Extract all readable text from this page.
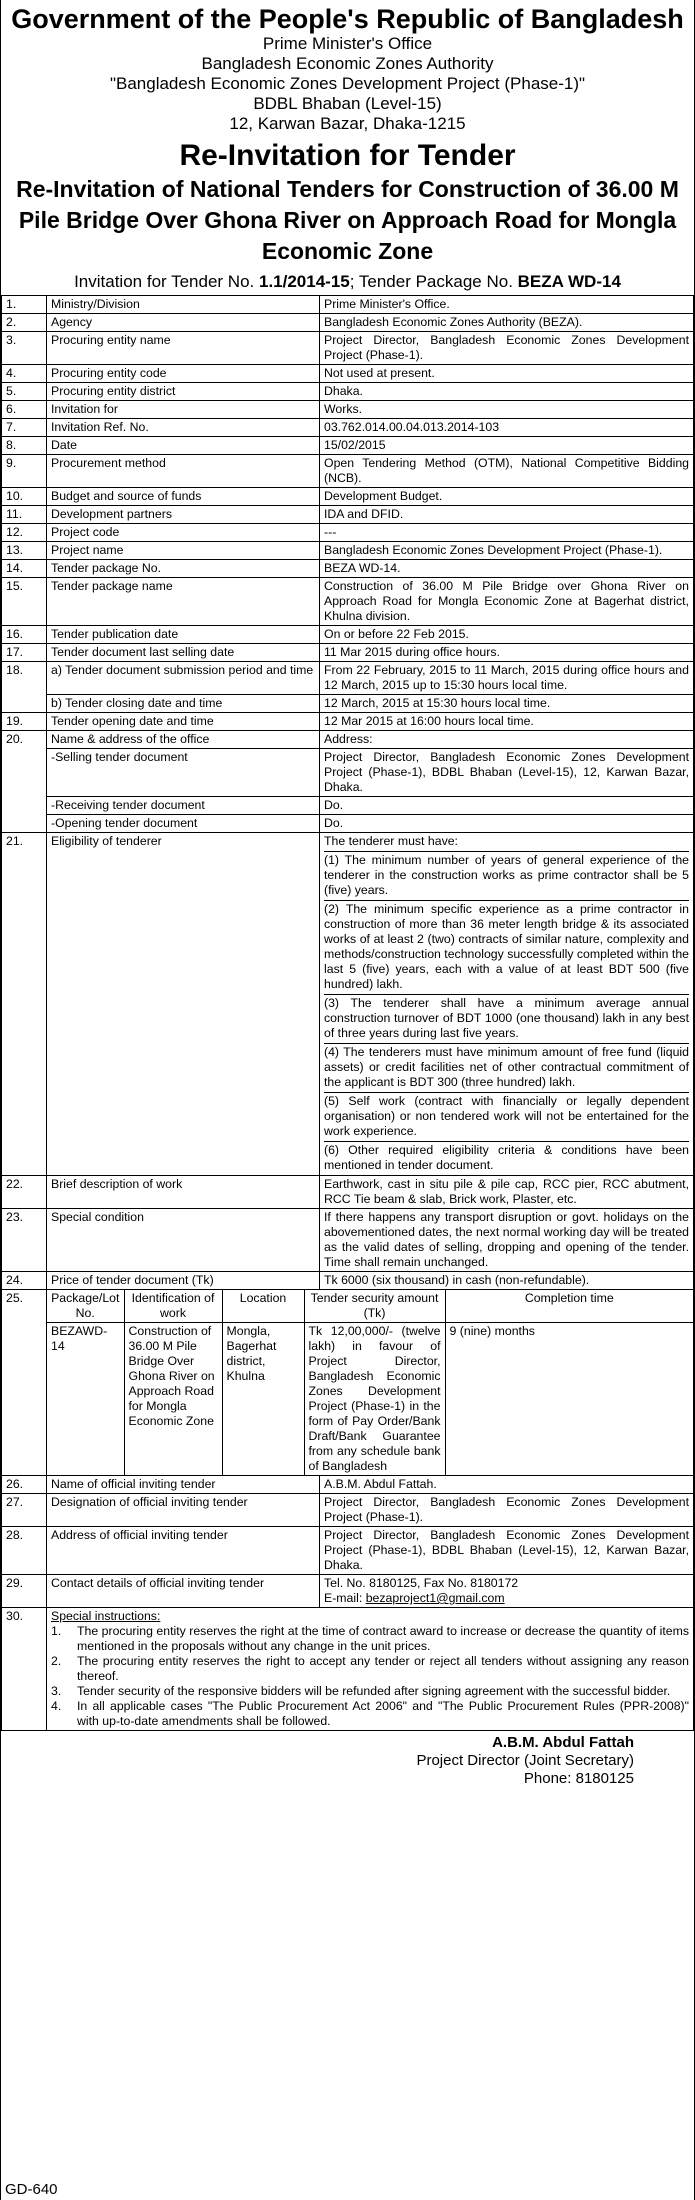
Government of the People's Republic of Bangladesh
Prime Minister's Office
Bangladesh Economic Zones Authority
"Bangladesh Economic Zones Development Project (Phase-1)"
BDBL Bhaban (Level-15)
12, Karwan Bazar, Dhaka-1215
Re-Invitation for Tender
Re-Invitation of National Tenders for Construction of 36.00 M Pile Bridge Over Ghona River on Approach Road for Mongla Economic Zone
Invitation for Tender No. 1.1/2014-15; Tender Package No. BEZA WD-14
1.	Ministry/Division	Prime Minister's Office.
2.	Agency	Bangladesh Economic Zones Authority (BEZA).
3.	Procuring entity name	Project Director, Bangladesh Economic Zones Development Project (Phase-1).
4.	Procuring entity code	Not used at present.
5.	Procuring entity district	Dhaka.
6.	Invitation for	Works.
7.	Invitation Ref. No.	03.762.014.00.04.013.2014-103
8.	Date	15/02/2015
9.	Procurement method	Open Tendering Method (OTM), National Competitive Bidding (NCB).
10.	Budget and source of funds	Development Budget.
11.	Development partners	IDA and DFID.
12.	Project code	---
13.	Project name	Bangladesh Economic Zones Development Project (Phase-1).
14.	Tender package No.	BEZA WD-14.
15.	Tender package name	Construction of 36.00 M Pile Bridge over Ghona River on Approach Road for Mongla Economic Zone at Bagerhat district, Khulna division.
16.	Tender publication date	On or before 22 Feb 2015.
17.	Tender document last selling date	11 Mar 2015 during office hours.
18.	a) Tender document submission period and time	From 22 February, 2015 to 11 March, 2015 during office hours and 12 March, 2015 up to 15:30 hours local time.
b) Tender closing date and time	12 March, 2015 at 15:30 hours local time.
19.	Tender opening date and time	12 Mar 2015 at 16:00 hours local time.
20.	Name & address of the office	Address:
-Selling tender document	Project Director, Bangladesh Economic Zones Development Project (Phase-1), BDBL Bhaban (Level-15), 12, Karwan Bazar, Dhaka.
-Receiving tender document	Do.
-Opening tender document	Do.
21.	Eligibility of tenderer	The tenderer must have:
(1) The minimum number of years of general experience of the tenderer in the construction works as prime contractor shall be 5 (five) years.
(2) The minimum specific experience as a prime contractor in construction of more than 36 meter length bridge & its associated works of at least 2 (two) contracts of similar nature, complexity and methods/construction technology successfully completed within the last 5 (five) years, each with a value of at least BDT 500 (five hundred) lakh.
(3) The tenderer shall have a minimum average annual construction turnover of BDT 1000 (one thousand) lakh in any best of three years during last five years.
(4) The tenderers must have minimum amount of free fund (liquid assets) or credit facilities net of other contractual commitment of the applicant is BDT 300 (three hundred) lakh.
(5) Self work (contract with financially or legally dependent organisation) or non tendered work will not be entertained for the work experience.
(6) Other required eligibility criteria & conditions have been mentioned in tender document.

22.	Brief description of work	Earthwork, cast in situ pile & pile cap, RCC pier, RCC abutment, RCC Tie beam & slab, Brick work, Plaster, etc.
23.	Special condition	If there happens any transport disruption or govt. holidays on the abovementioned dates, the next normal working day will be treated as the valid dates of selling, dropping and opening of the tender. Time shall remain unchanged.
24.	Price of tender document (Tk)	Tk 6000 (six thousand) in cash (non-refundable).
25.	Package/Lot No.	Identification of work	Location	Tender security amount (Tk)	Completion time
BEZAWD-14	Construction of 36.00 M Pile Bridge Over Ghona River on Approach Road for Mongla Economic Zone	Mongla, Bagerhat district, Khulna	Tk 12,00,000/- (twelve lakh) in favour of Project Director, Bangladesh Economic Zones Development Project (Phase-1) in the form of Pay Order/Bank Draft/Bank Guarantee from any schedule bank of Bangladesh	9 (nine) months

26.	Name of official inviting tender	A.B.M. Abdul Fattah.
27.	Designation of official inviting tender	Project Director, Bangladesh Economic Zones Development Project (Phase-1).
28.	Address of official inviting tender	Project Director, Bangladesh Economic Zones Development Project (Phase-1), BDBL Bhaban (Level-15), 12, Karwan Bazar, Dhaka.
29.	Contact details of official inviting tender	Tel. No. 8180125, Fax No. 8180172
E-mail: bezaproject1@gmail.com

30.	Special instructions:
1.	The procuring entity reserves the right at the time of contract award to increase or decrease the quantity of items mentioned in the proposals without any change in the unit prices.
2.	The procuring entity reserves the right to accept any tender or reject all tenders without assigning any reason thereof.
3.	Tender security of the responsive bidders will be refunded after signing agreement with the successful bidder.
4.	In all applicable cases "The Public Procurement Act 2006" and "The Public Procurement Rules (PPR-2008)" with up-to-date amendments shall be followed.
A.B.M. Abdul Fattah
Project Director (Joint Secretary)
Phone: 8180125
GD-640
